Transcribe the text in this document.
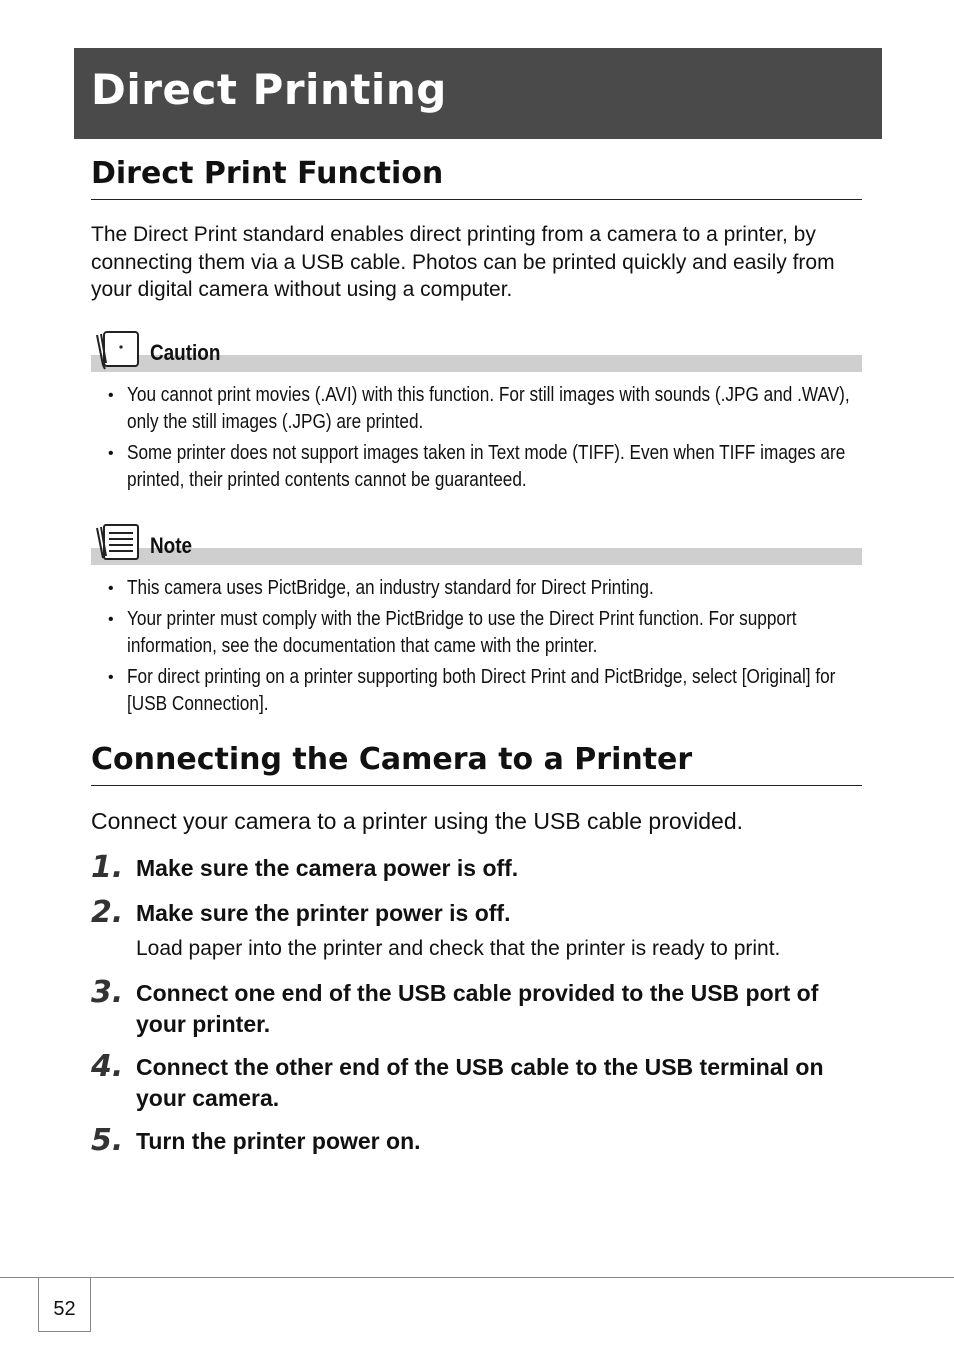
Direct Printing
Direct Print Function

The Direct Print standard enables direct printing from a camera to a printer, by connecting them via a USB cable. Photos can be printed quickly and easily from your digital camera without using a computer.

Caution
• You cannot print movies (.AVI) with this function. For still images with sounds (.JPG and .WAV), only the still images (.JPG) are printed.
• Some printer does not support images taken in Text mode (TIFF). Even when TIFF images are printed, their printed contents cannot be guaranteed.
Note
• This camera uses PictBridge, an industry standard for Direct Printing.
• Your printer must comply with the PictBridge to use the Direct Print function. For support information, see the documentation that came with the printer.
• For direct printing on a printer supporting both Direct Print and PictBridge, select [Original] for [USB Connection].
Connecting the Camera to a Printer

Connect your camera to a printer using the USB cable provided.

1. Make sure the camera power is off.

2. Make sure the printer power is off.

Load paper into the printer and check that the printer is ready to print.

3. Connect one end of the USB cable provided to the USB port of your printer.

4. Connect the other end of the USB cable to the USB terminal on your camera.

5. Turn the printer power on.

52
